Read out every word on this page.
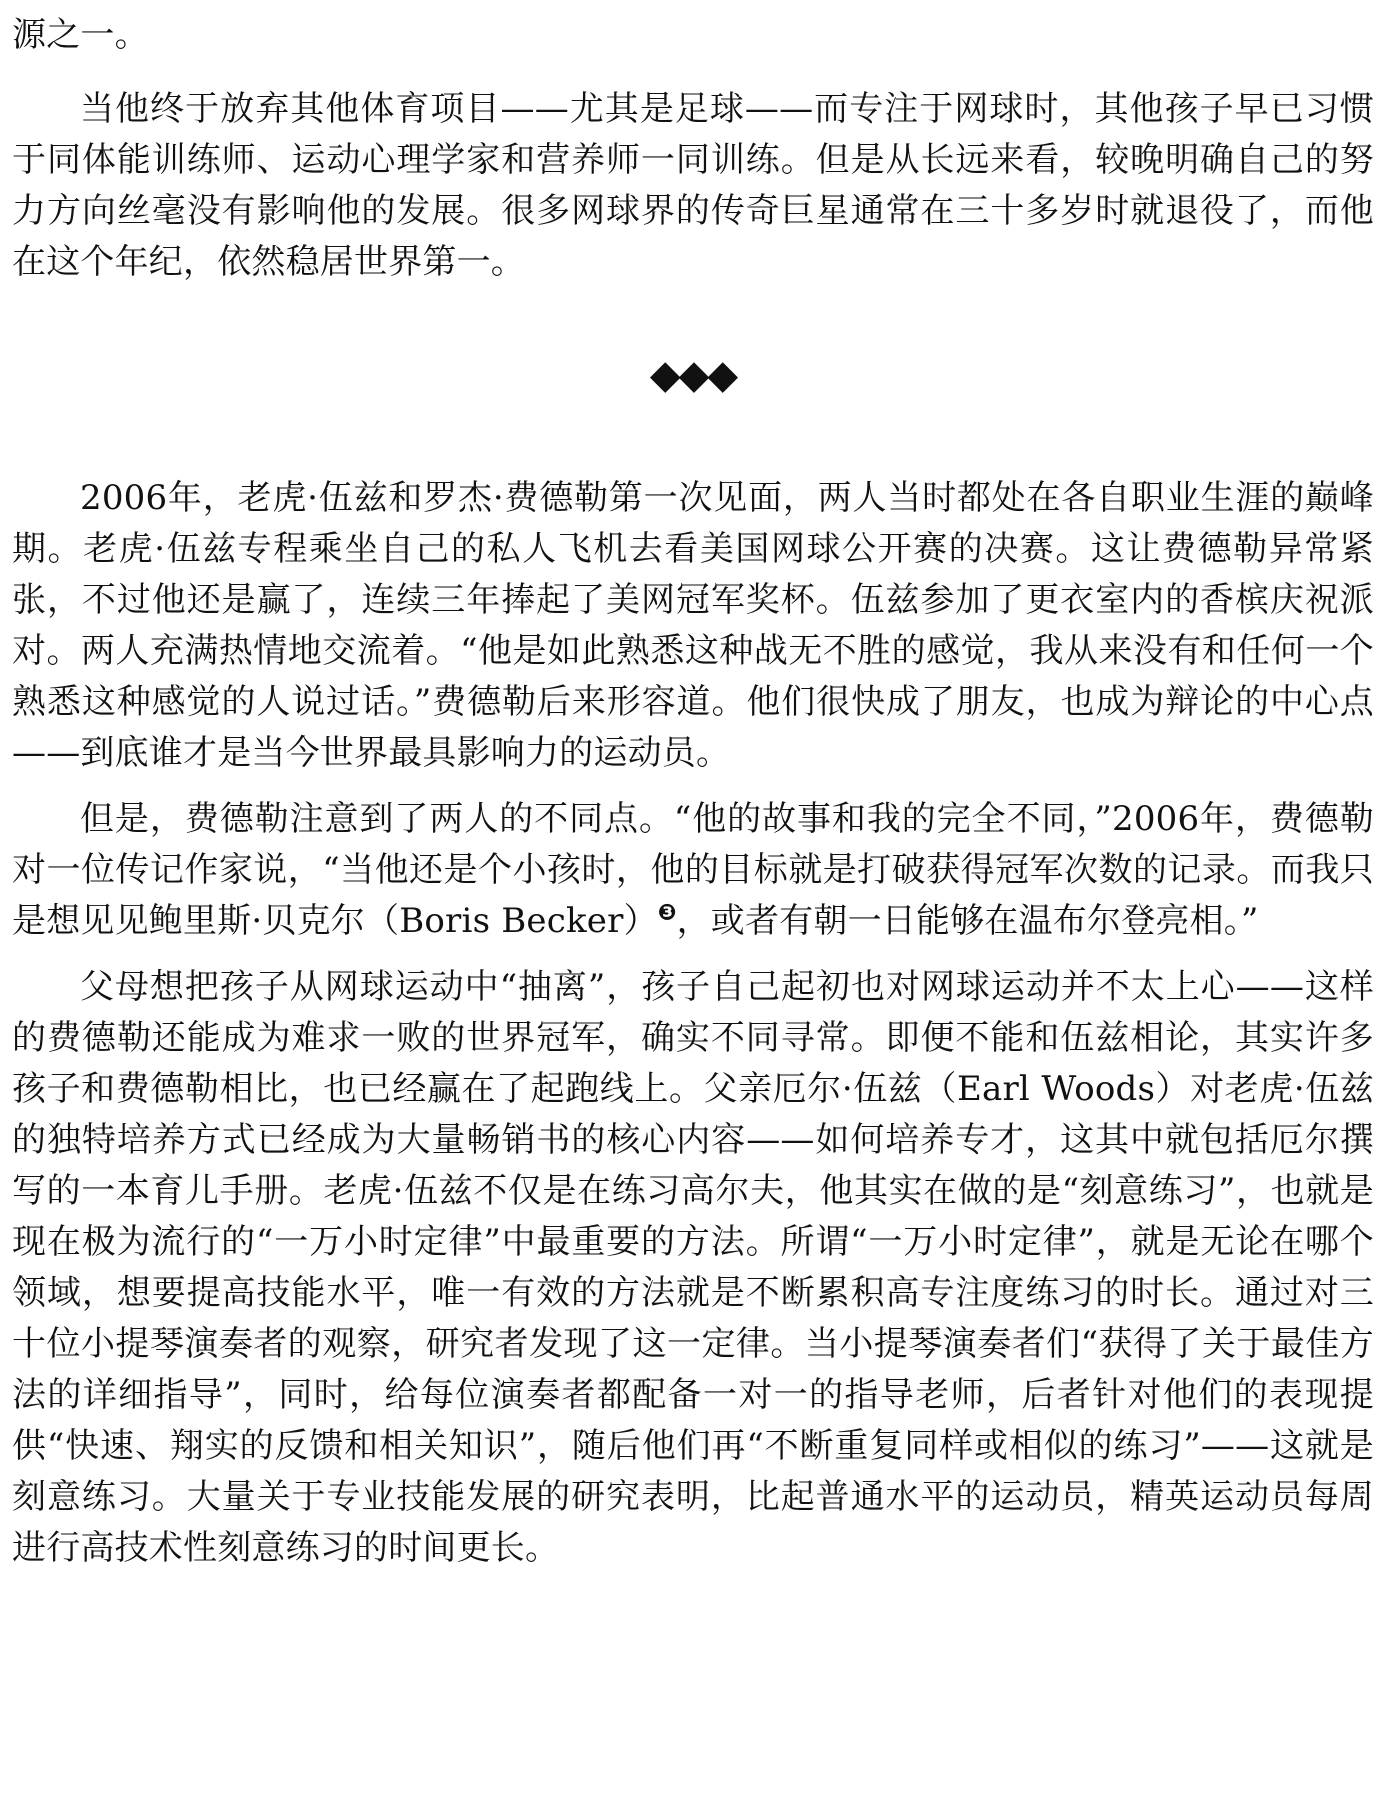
源之一。

当他终于放弃其他体育项目——尤其是足球——而专注于网球时，其他孩子早已习惯于同体能训练师、运动心理学家和营养师一同训练。但是从长远来看，较晚明确自己的努力方向丝毫没有影响他的发展。很多网球界的传奇巨星通常在三十多岁时就退役了，而他在这个年纪，依然稳居世界第一。

◆◆◆

2006年，老虎·伍兹和罗杰·费德勒第一次见面，两人当时都处在各自职业生涯的巅峰期。老虎·伍兹专程乘坐自己的私人飞机去看美国网球公开赛的决赛。这让费德勒异常紧张，不过他还是赢了，连续三年捧起了美网冠军奖杯。伍兹参加了更衣室内的香槟庆祝派对。两人充满热情地交流着。“他是如此熟悉这种战无不胜的感觉，我从来没有和任何一个熟悉这种感觉的人说过话。”费德勒后来形容道。他们很快成了朋友，也成为辩论的中心点——到底谁才是当今世界最具影响力的运动员。

但是，费德勒注意到了两人的不同点。“他的故事和我的完全不同，”2006年，费德勒对一位传记作家说，“当他还是个小孩时，他的目标就是打破获得冠军次数的记录。而我只是想见见鲍里斯·贝克尔（Boris Becker）$^❸$，或者有朝一日能够在温布尔登亮相。”

父母想把孩子从网球运动中“抽离”，孩子自己起初也对网球运动并不太上心——这样的费德勒还能成为难求一败的世界冠军，确实不同寻常。即便不能和伍兹相论，其实许多孩子和费德勒相比，也已经赢在了起跑线上。父亲厄尔·伍兹（Earl Woods）对老虎·伍兹的独特培养方式已经成为大量畅销书的核心内容——如何培养专才，这其中就包括厄尔撰写的一本育儿手册。老虎·伍兹不仅是在练习高尔夫，他其实在做的是“刻意练习”，也就是现在极为流行的“一万小时定律”中最重要的方法。所谓“一万小时定律”，就是无论在哪个领域，想要提高技能水平，唯一有效的方法就是不断累积高专注度练习的时长。通过对三十位小提琴演奏者的观察，研究者发现了这一定律。当小提琴演奏者们“获得了关于最佳方法的详细指导”，同时，给每位演奏者都配备一对一的指导老师，后者针对他们的表现提供“快速、翔实的反馈和相关知识”，随后他们再“不断重复同样或相似的练习”——这就是刻意练习。大量关于专业技能发展的研究表明，比起普通水平的运动员，精英运动员每周进行高技术性刻意练习的时间更长。
